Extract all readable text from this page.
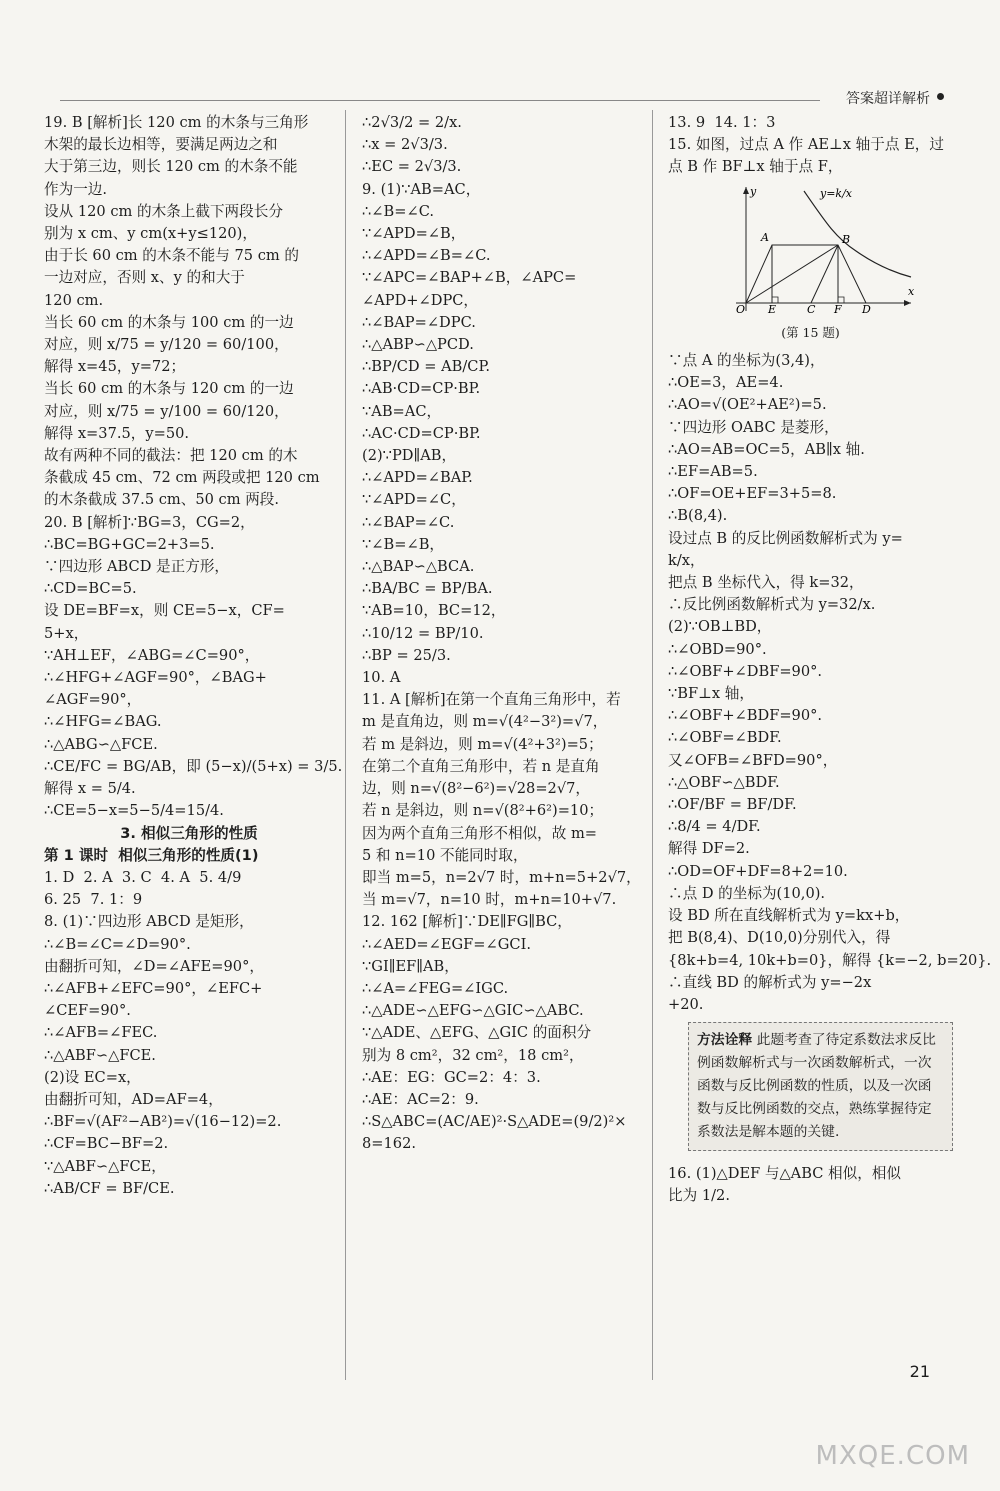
答案超详解析
19. B [解析]长 120 cm 的木条与三角形
木架的最长边相等，要满足两边之和
大于第三边，则长 120 cm 的木条不能
作为一边.
设从 120 cm 的木条上截下两段长分
别为 x cm、y cm(x+y≤120)，
由于长 60 cm 的木条不能与 75 cm 的
一边对应，否则 x、y 的和大于
120 cm.
当长 60 cm 的木条与 100 cm 的一边
对应，则 x/75 = y/120 = 60/100，
解得 x=45，y=72；
当长 60 cm 的木条与 120 cm 的一边
对应，则 x/75 = y/100 = 60/120，
解得 x=37.5，y=50.
故有两种不同的截法：把 120 cm 的木
条截成 45 cm、72 cm 两段或把 120 cm
的木条截成 37.5 cm、50 cm 两段.
20. B [解析]∵BG=3，CG=2，
∴BC=BG+GC=2+3=5.
∵四边形 ABCD 是正方形，
∴CD=BC=5.
设 DE=BF=x，则 CE=5−x，CF=
5+x，
∵AH⊥EF，∠ABG=∠C=90°，
∴∠HFG+∠AGF=90°，∠BAG+
∠AGF=90°，
∴∠HFG=∠BAG.
∴△ABG∽△FCE.
∴CE/FC = BG/AB，即 (5−x)/(5+x) = 3/5.
解得 x = 5/4.
∴CE=5−x=5−5/4=15/4.
3. 相似三角形的性质
第 1 课时  相似三角形的性质(1)
1. D  2. A  3. C  4. A  5. 4/9
6. 25  7. 1：9
8. (1)∵四边形 ABCD 是矩形，
∴∠B=∠C=∠D=90°.
由翻折可知，∠D=∠AFE=90°，
∴∠AFB+∠EFC=90°，∠EFC+
∠CEF=90°.
∴∠AFB=∠FEC.
∴△ABF∽△FCE.
(2)设 EC=x，
由翻折可知，AD=AF=4，
∴BF=√(AF²−AB²)=√(16−12)=2.
∴CF=BC−BF=2.
∵△ABF∽△FCE，
∴AB/CF = BF/CE.
∴2√3/2 = 2/x.
∴x = 2√3/3.
∴EC = 2√3/3.
9. (1)∵AB=AC，
∴∠B=∠C.
∵∠APD=∠B，
∴∠APD=∠B=∠C.
∵∠APC=∠BAP+∠B，∠APC=
∠APD+∠DPC，
∴∠BAP=∠DPC.
∴△ABP∽△PCD.
∴BP/CD = AB/CP.
∴AB·CD=CP·BP.
∵AB=AC，
∴AC·CD=CP·BP.
(2)∵PD∥AB，
∴∠APD=∠BAP.
∵∠APD=∠C，
∴∠BAP=∠C.
∵∠B=∠B，
∴△BAP∽△BCA.
∴BA/BC = BP/BA.
∵AB=10，BC=12，
∴10/12 = BP/10.
∴BP = 25/3.
10. A
11. A [解析]在第一个直角三角形中，若
m 是直角边，则 m=√(4²−3²)=√7，
若 m 是斜边，则 m=√(4²+3²)=5；
在第二个直角三角形中，若 n 是直角
边，则 n=√(8²−6²)=√28=2√7，
若 n 是斜边，则 n=√(8²+6²)=10；
因为两个直角三角形不相似，故 m=
5 和 n=10 不能同时取，
即当 m=5，n=2√7 时，m+n=5+2√7，
当 m=√7，n=10 时，m+n=10+√7.
12. 162 [解析]∵DE∥FG∥BC，
∴∠AED=∠EGF=∠GCI.
∵GI∥EF∥AB，
∴∠A=∠FEG=∠IGC.
∴△ADE∽△EFG∽△GIC∽△ABC.
∵△ADE、△EFG、△GIC 的面积分
别为 8 cm²，32 cm²，18 cm²，
∴AE：EG：GC=2：4：3.
∴AE：AC=2：9.
∴S△ABC=(AC/AE)²·S△ADE=(9/2)²×
8=162.
13. 9  14. 1：3
15. 如图，过点 A 作 AE⊥x 轴于点 E，过
点 B 作 BF⊥x 轴于点 F，
y
x
O E	C F D
A	B
y=k/x
(第 15 题)
∵点 A 的坐标为(3,4)，
∴OE=3，AE=4.
∴AO=√(OE²+AE²)=5.
∵四边形 OABC 是菱形，
∴AO=AB=OC=5，AB∥x 轴.
∴EF=AB=5.
∴OF=OE+EF=3+5=8.
∴B(8,4).
设过点 B 的反比例函数解析式为 y=
k/x，
把点 B 坐标代入，得 k=32，
∴反比例函数解析式为 y=32/x.
(2)∵OB⊥BD，
∴∠OBD=90°.
∴∠OBF+∠DBF=90°.
∵BF⊥x 轴，
∴∠OBF+∠BDF=90°.
∴∠OBF=∠BDF.
又∠OFB=∠BFD=90°，
∴△OBF∽△BDF.
∴OF/BF = BF/DF.
∴8/4 = 4/DF.
解得 DF=2.
∴OD=OF+DF=8+2=10.
∴点 D 的坐标为(10,0).
设 BD 所在直线解析式为 y=kx+b，
把 B(8,4)、D(10,0)分别代入，得
{8k+b=4, 10k+b=0}，解得 {k=−2, b=20}.
∴直线 BD 的解析式为 y=−2x
+20.
方法诠释 此题考查了待定系数法求反比例函数解析式与一次函数解析式，一次函数与反比例函数的性质，以及一次函数与反比例函数的交点，熟练掌握待定系数法是解本题的关键.
16. (1)△DEF 与△ABC 相似，相似
比为 1/2.
21
MXQE.COM
